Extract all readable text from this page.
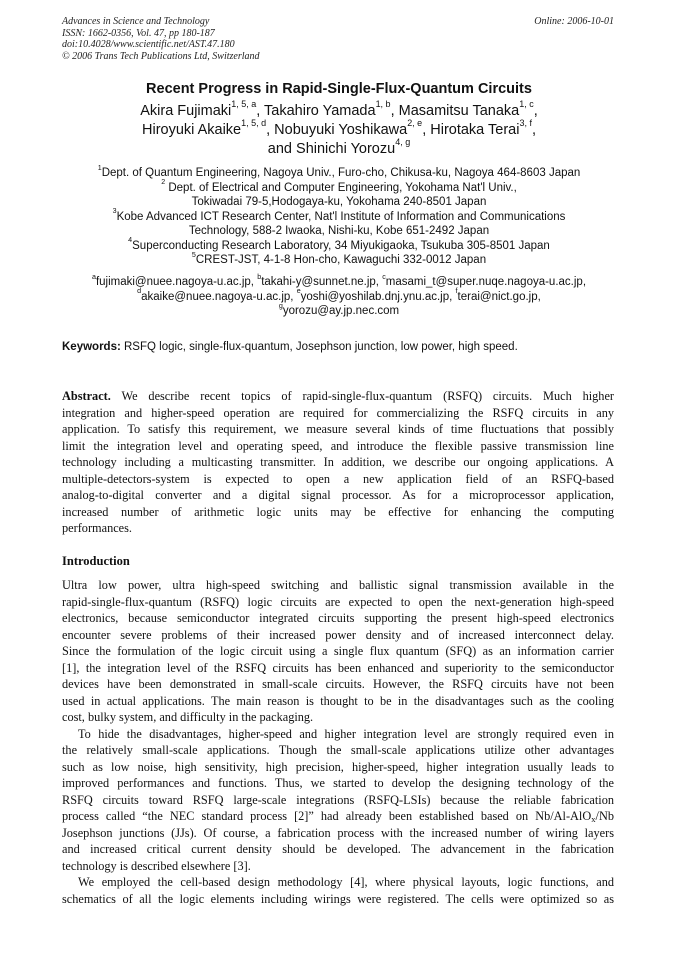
Advances in Science and Technology
ISSN: 1662-0356, Vol. 47, pp 180-187
doi:10.4028/www.scientific.net/AST.47.180
© 2006 Trans Tech Publications Ltd, Switzerland
Online: 2006-10-01
Recent Progress in Rapid-Single-Flux-Quantum Circuits
Akira Fujimaki$^{1, 5, a}$, Takahiro Yamada$^{1, b}$, Masamitsu Tanaka$^{1, c}$,
Hiroyuki Akaike$^{1, 5, d}$, Nobuyuki Yoshikawa$^{2, e}$, Hirotaka Terai$^{3, f}$,
and Shinichi Yorozu$^{4, g}$
$^1$Dept. of Quantum Engineering, Nagoya Univ., Furo-cho, Chikusa-ku, Nagoya 464-8603 Japan
$^2$ Dept. of Electrical and Computer Engineering, Yokohama Nat'l Univ.,
Tokiwadai 79-5,Hodogaya-ku, Yokohama 240-8501 Japan
$^3$Kobe Advanced ICT Research Center, Nat'l Institute of Information and Communications
Technology, 588-2 Iwaoka, Nishi-ku, Kobe 651-2492 Japan
$^4$Superconducting Research Laboratory, 34 Miyukigaoka, Tsukuba 305-8501 Japan
$^5$CREST-JST, 4-1-8 Hon-cho, Kawaguchi 332-0012 Japan
$^a$fujimaki@nuee.nagoya-u.ac.jp, $^b$takahi-y@sunnet.ne.jp, $^c$masami_t@super.nuqe.nagoya-u.ac.jp,
$^d$akaike@nuee.nagoya-u.ac.jp, $^e$yoshi@yoshilab.dnj.ynu.ac.jp, $^f$terai@nict.go.jp,
$^g$yorozu@ay.jp.nec.com
Keywords: RSFQ logic, single-flux-quantum, Josephson junction, low power, high speed.
Abstract. We describe recent topics of rapid-single-flux-quantum (RSFQ) circuits. Much higher
integration and higher-speed operation are required for commercializing the RSFQ circuits in any
application. To satisfy this requirement, we measure several kinds of time fluctuations that possibly
limit the integration level and operating speed, and introduce the flexible passive transmission line
technology including a multicasting transmitter. In addition, we describe our ongoing applications. A
multiple-detectors-system is expected to open a new application field of an RSFQ-based
analog-to-digital converter and a digital signal processor. As for a microprocessor application,
increased number of arithmetic logic units may be effective for enhancing the computing
performances.
Introduction
Ultra low power, ultra high-speed switching and ballistic signal transmission available in the
rapid-single-flux-quantum (RSFQ) logic circuits are expected to open the next-generation high-speed
electronics, because semiconductor integrated circuits supporting the present high-speed electronics
encounter severe problems of their increased power density and of increased interconnect delay.
Since the formulation of the logic circuit using a single flux quantum (SFQ) as an information carrier
[1], the integration level of the RSFQ circuits has been enhanced and superiority to the semiconductor
devices have been demonstrated in small-scale circuits. However, the RSFQ circuits have not been
used in actual applications. The main reason is thought to be in the disadvantages such as the cooling
cost, bulky system, and difficulty in the packaging.
To hide the disadvantages, higher-speed and higher integration level are strongly required even in
the relatively small-scale applications. Though the small-scale applications utilize other advantages
such as low noise, high sensitivity, high precision, higher-speed, higher integration usually leads to
improved performances and functions. Thus, we started to develop the designing technology of the
RSFQ circuits toward RSFQ large-scale integrations (RSFQ-LSIs) because the reliable fabrication
process called “the NEC standard process [2]” had already been established based on Nb/Al-AlO$_x$/Nb
Josephson junctions (JJs). Of course, a fabrication process with the increased number of wiring layers
and increased critical current density should be developed. The advancement in the fabrication
technology is described elsewhere [3].
We employed the cell-based design methodology [4], where physical layouts, logic functions, and
schematics of all the logic elements including wirings were registered. The cells were optimized so as
